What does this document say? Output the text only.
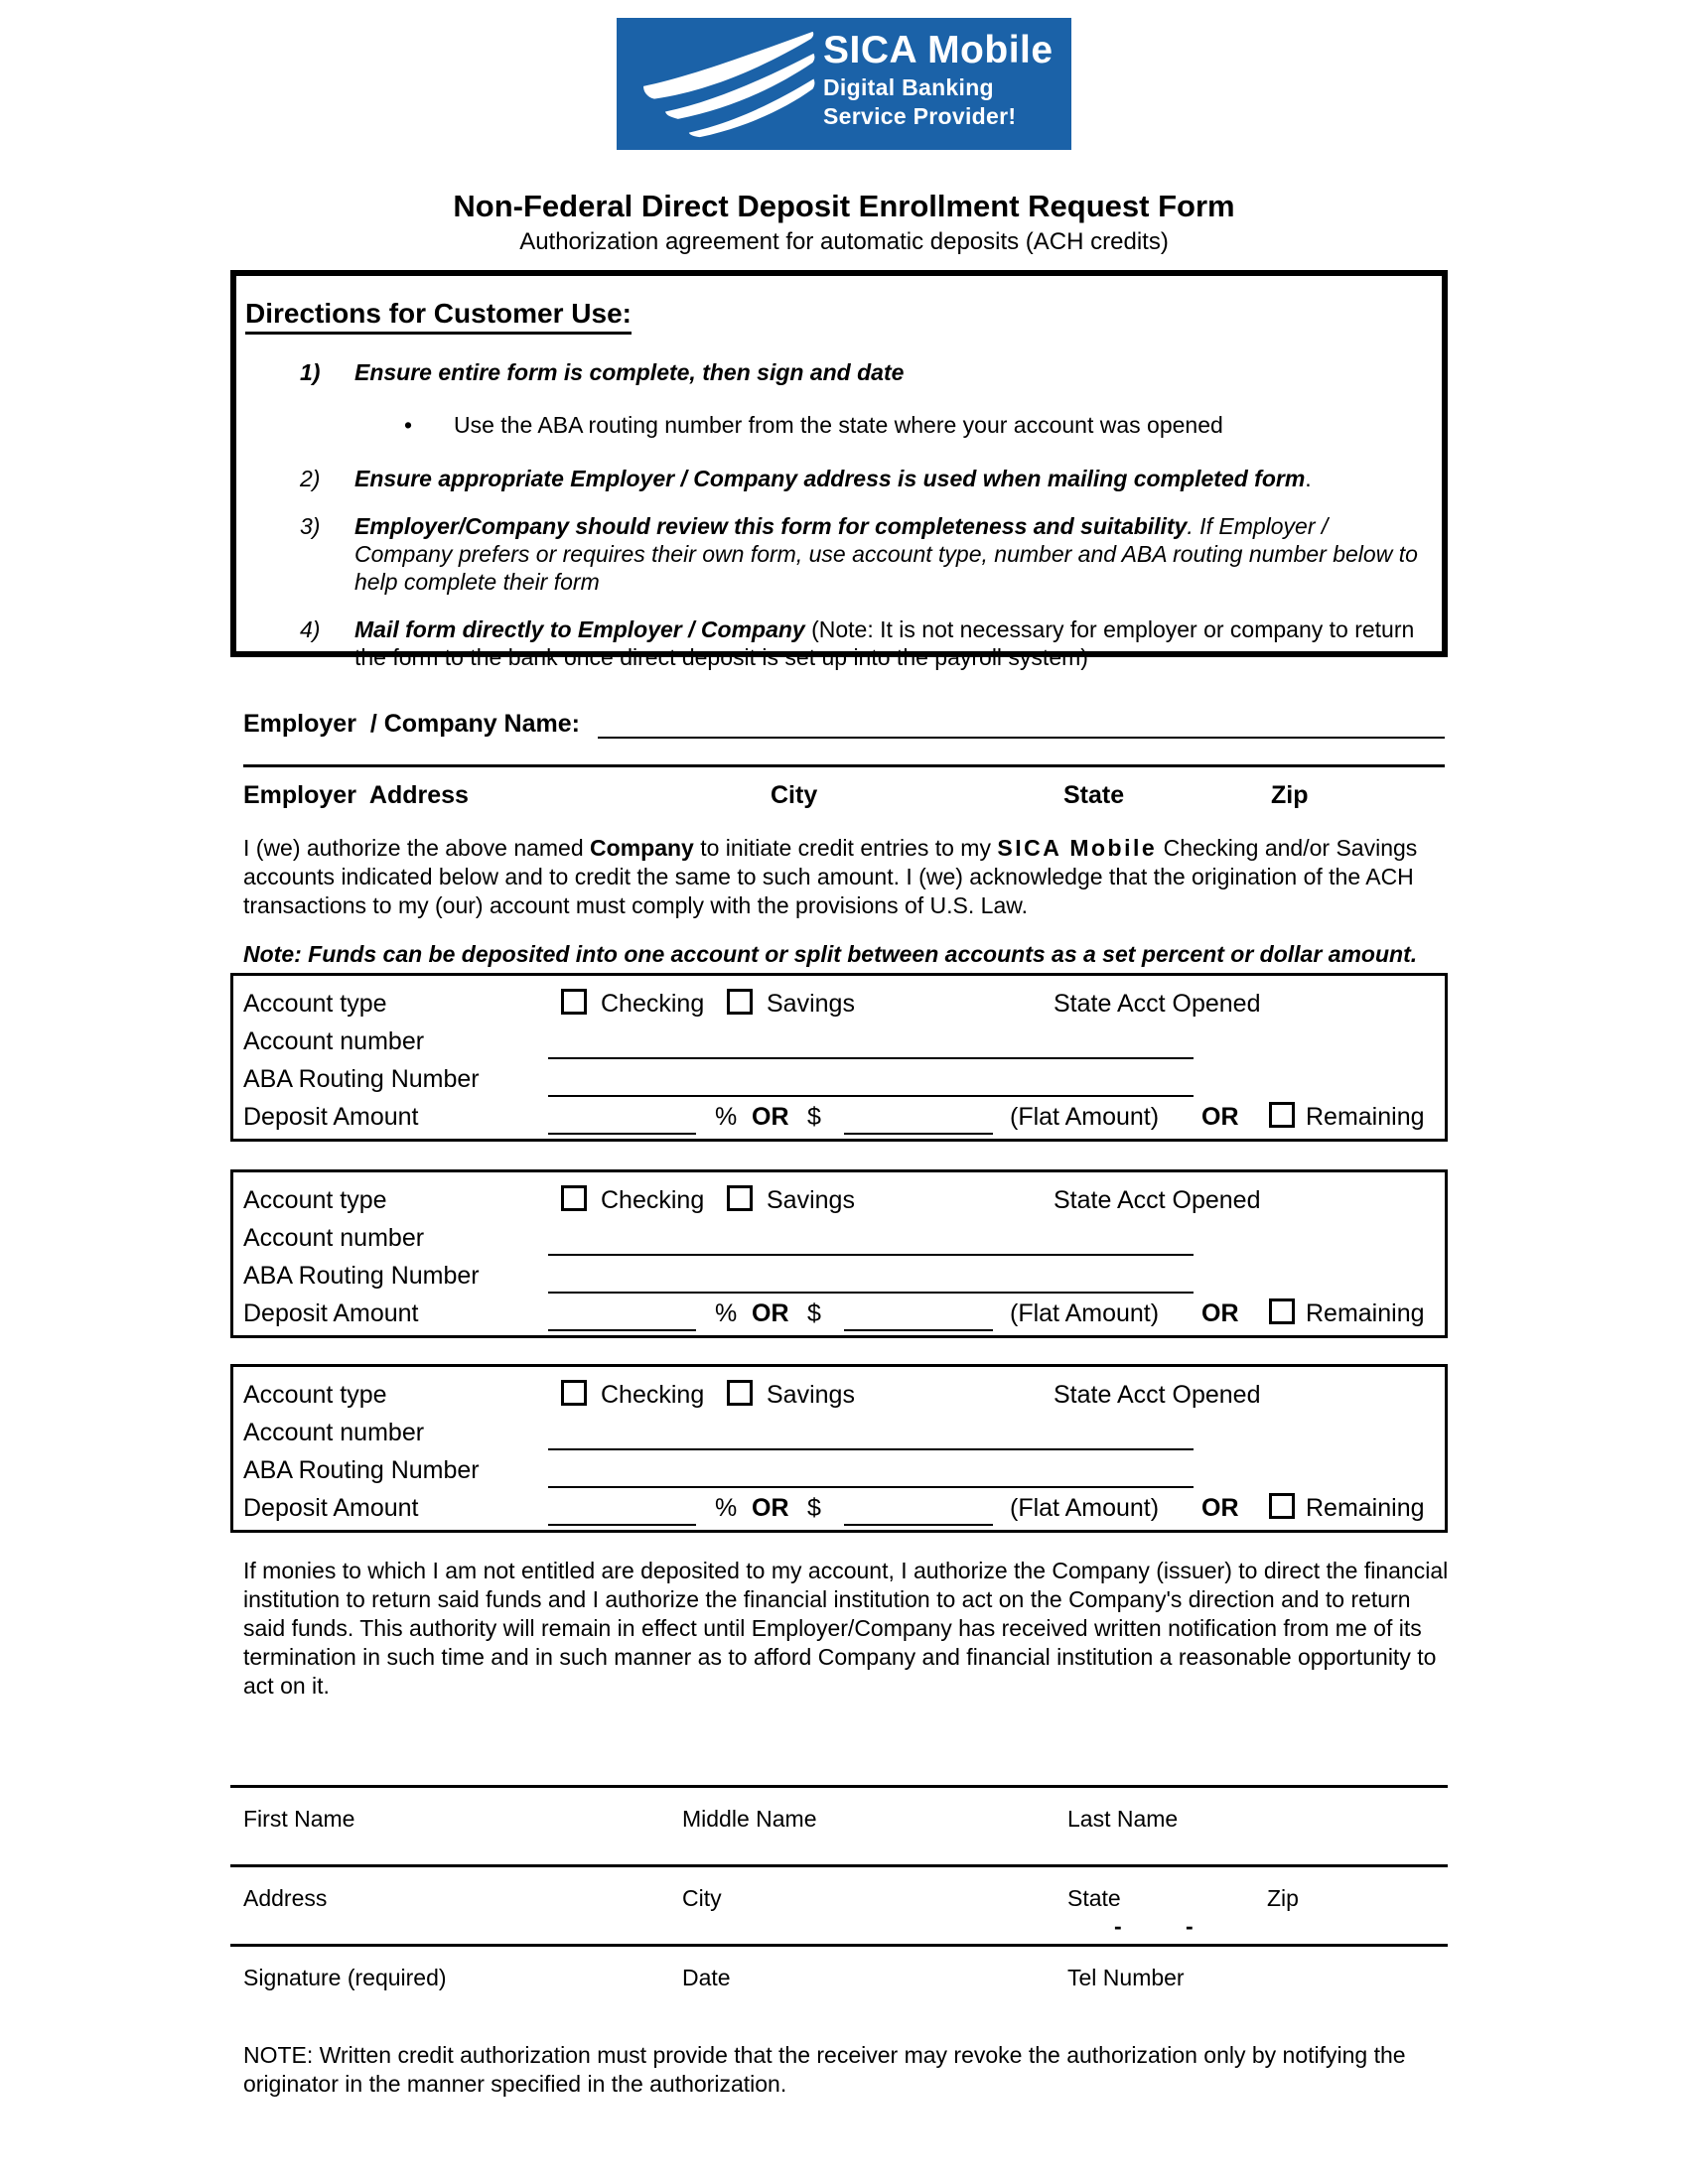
SICA Mobile
Digital Banking
Service Provider!
Non-Federal Direct Deposit Enrollment Request Form
Authorization agreement for automatic deposits (ACH credits)
Directions for Customer Use:
1)	Ensure entire form is complete, then sign and date
•	Use the ABA routing number from the state where your account was opened
2)	Ensure appropriate Employer / Company address is used when mailing completed form.
3)	Employer/Company should review this form for completeness and suitability. If Employer / Company prefers or requires their own form, use account type, number and ABA routing number below to help complete their form
4)	Mail form directly to Employer / Company (Note: It is not necessary for employer or company to return the form to the bank once direct deposit is set up into the payroll system)
Employer  / Company Name:
Employer  Address	City	State	Zip
I (we) authorize the above named Company to initiate credit entries to my SICA Mobile Checking and/or Savings accounts indicated below and to credit the same to such amount. I (we) acknowledge that the origination of the ACH transactions to my (our) account must comply with the provisions of U.S. Law.
Note: Funds can be deposited into one account or split between accounts as a set percent or dollar amount.
Account type	Checking	Savings	State Acct Opened
Account number
ABA Routing Number
Deposit Amount	% OR $	(Flat Amount) OR	Remaining
Account type	Checking	Savings	State Acct Opened
Account number
ABA Routing Number
Deposit Amount	% OR $	(Flat Amount) OR	Remaining
Account type	Checking	Savings	State Acct Opened
Account number
ABA Routing Number
Deposit Amount	% OR $	(Flat Amount) OR	Remaining
If monies to which I am not entitled are deposited to my account, I authorize the Company (issuer) to direct the financial institution to return said funds and I authorize the financial institution to act on the Company's direction and to return said funds. This authority will remain in effect until Employer/Company has received written notification from me of its termination in such time and in such manner as to afford Company and financial institution a reasonable opportunity to act on it.
First Name	Middle Name	Last Name
Address	City	State	Zip
-	-
Signature (required)	Date	Tel Number
NOTE: Written credit authorization must provide that the receiver may revoke the authorization only by notifying the originator in the manner specified in the authorization.
